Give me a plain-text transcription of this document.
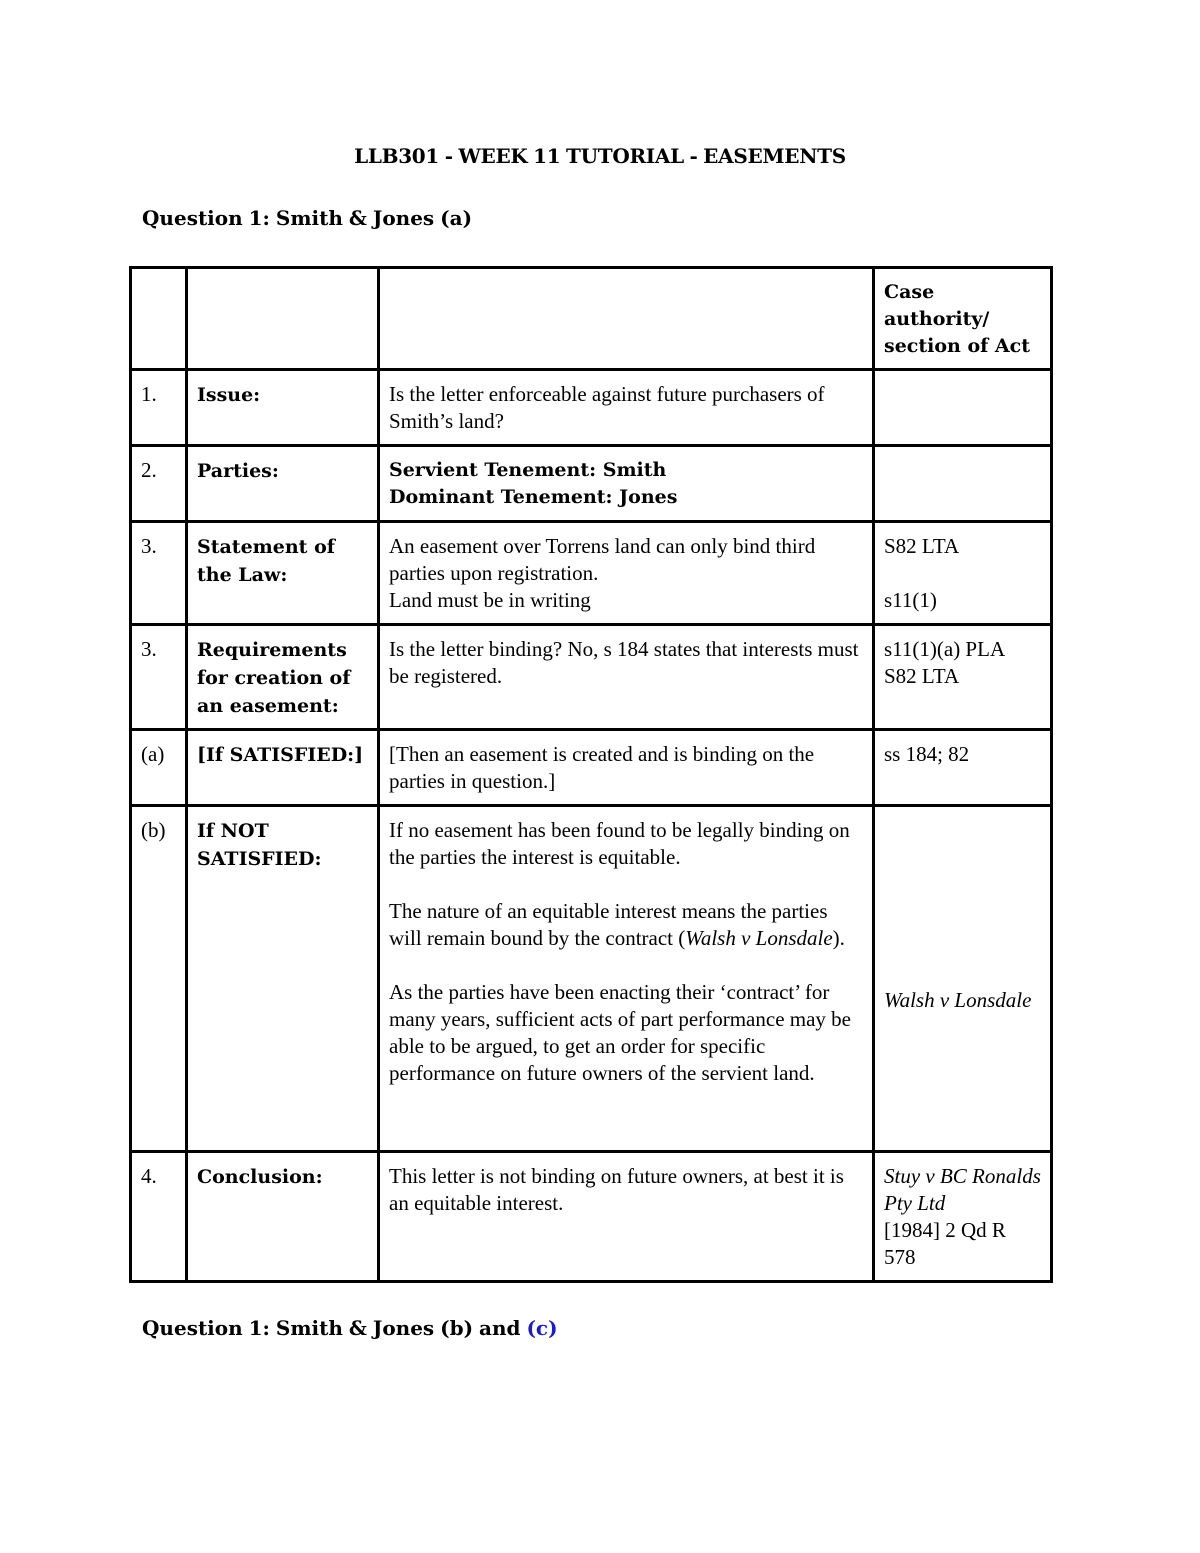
LLB301 - WEEK 11 TUTORIAL - EASEMENTS
Question 1: Smith & Jones (a)

			Case authority/
section of Act

1.	Issue:	Is the letter enforceable against future purchasers of Smith’s land?	
2.	Parties:	Servient Tenement: Smith
Dominant Tenement: Jones	

3.	Statement of the Law:	An easement over Torrens land can only bind third parties upon registration.
Land must be in writing	S82 LTA
s11(1)

3.	Requirements for creation of an easement:	Is the letter binding? No, s 184 states that interests must be registered.	s11(1)(a) PLA
S82 LTA

(a)	[If SATISFIED:]	[Then an easement is created and is binding on the parties in question.]	ss 184; 82
(b)	If NOT SATISFIED:	If no easement has been found to be legally binding on the parties the interest is equitable.
The nature of an equitable interest means the parties will remain bound by the contract (Walsh v Lonsdale).
As the parties have been enacting their ‘contract’ for many years, sufficient acts of part performance may be able to be argued, to get an order for specific performance on future owners of the servient land.	Walsh v Lonsdale

4.	Conclusion:	This letter is not binding on future owners, at best it is an equitable interest.	Stuy v BC Ronalds Pty Ltd
[1984] 2 Qd R 578
Question 1: Smith & Jones (b) and (c)
